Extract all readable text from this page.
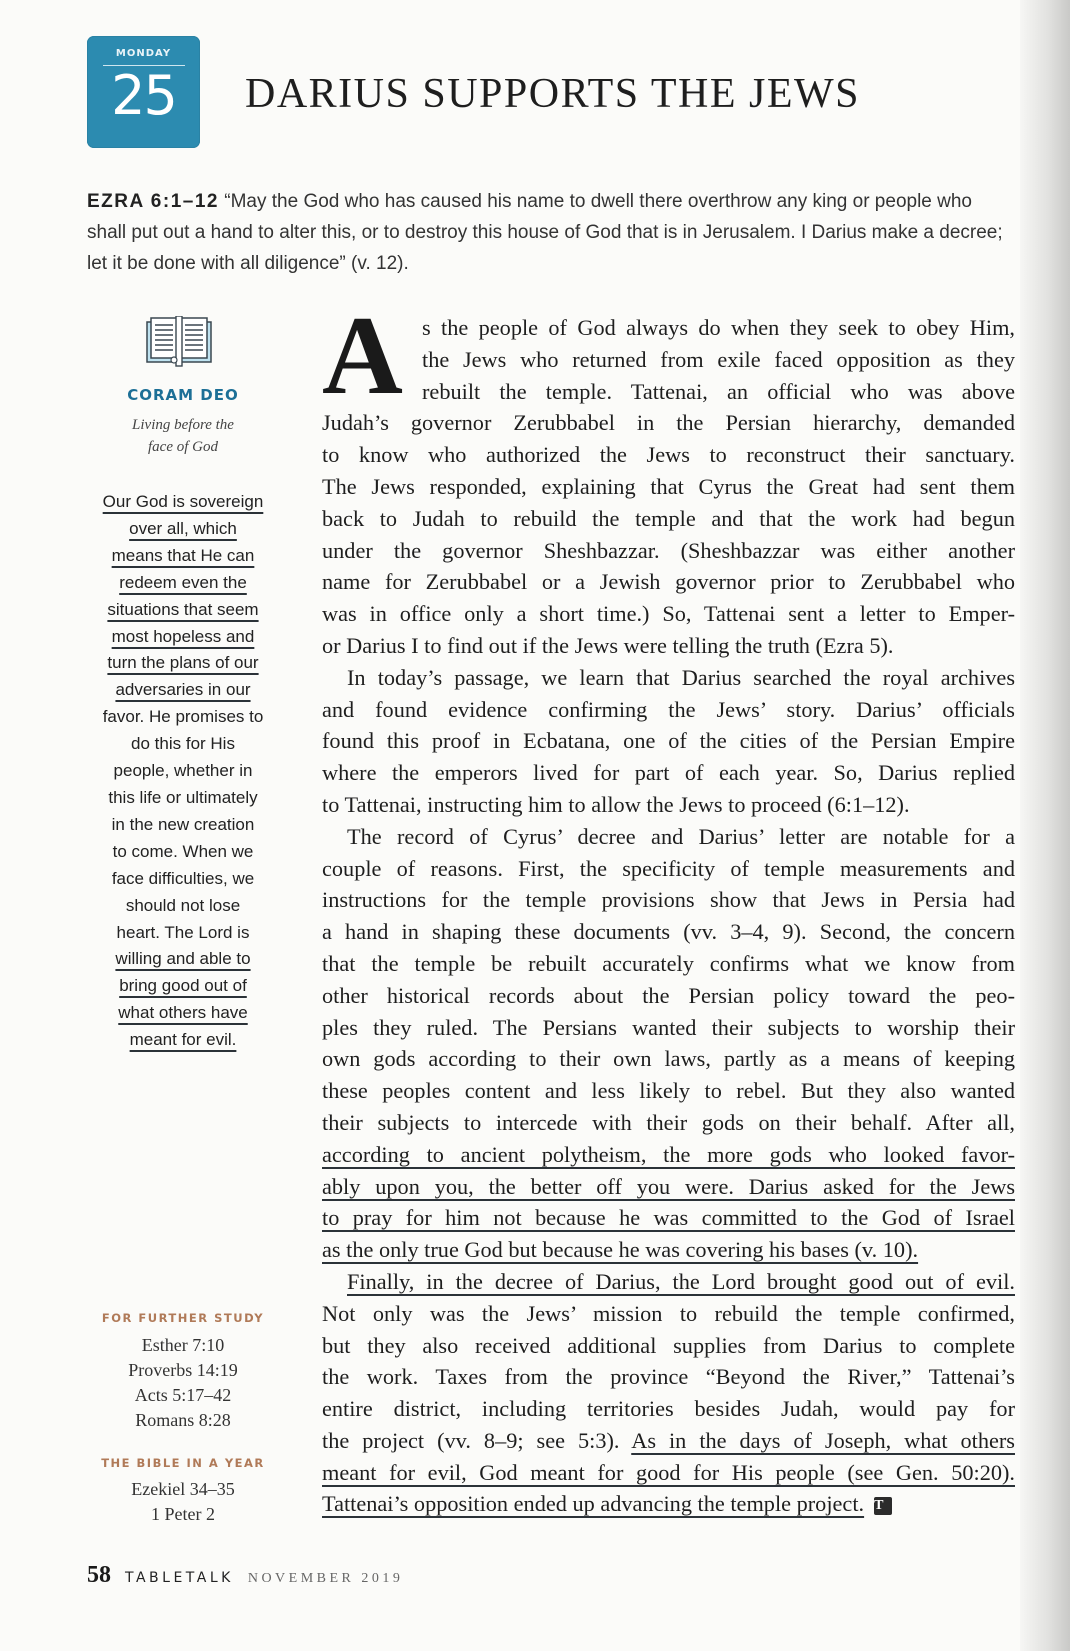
MONDAY
25	DARIUS SUPPORTS THE JEWS
EZRA 6:1–12 “May the God who has caused his name to dwell there overthrow any king or people who shall put out a hand to alter this, or to destroy this house of God that is in Jerusalem. I Darius make a decree; let it be done with all diligence” (v. 12).
CORAM DEO
Living before the
face of God
Our God is sovereign
over all, which
means that He can
redeem even the
situations that seem
most hopeless and
turn the plans of our
adversaries in our
favor. He promises to
do this for His
people, whether in
this life or ultimately
in the new creation
to come. When we
face difficulties, we
should not lose
heart. The Lord is
willing and able to
bring good out of
what others have
meant for evil.
FOR FURTHER STUDY
Esther 7:10
Proverbs 14:19
Acts 5:17–42
Romans 8:28
THE BIBLE IN A YEAR
Ezekiel 34–35
1 Peter 2
A s the people of God always do when they seek to obey Him,
the Jews who returned from exile faced opposition as they
rebuilt the temple. Tattenai, an official who was above
Judah’s governor Zerubbabel in the Persian hierarchy, demanded
to know who authorized the Jews to reconstruct their sanctuary.
The Jews responded, explaining that Cyrus the Great had sent them
back to Judah to rebuild the temple and that the work had begun
under the governor Sheshbazzar. (Sheshbazzar was either another
name for Zerubbabel or a Jewish governor prior to Zerubbabel who
was in office only a short time.) So, Tattenai sent a letter to Emper-
or Darius I to find out if the Jews were telling the truth (Ezra 5).
In today’s passage, we learn that Darius searched the royal archives
and found evidence confirming the Jews’ story. Darius’ officials
found this proof in Ecbatana, one of the cities of the Persian Empire
where the emperors lived for part of each year. So, Darius replied
to Tattenai, instructing him to allow the Jews to proceed (6:1–12).
The record of Cyrus’ decree and Darius’ letter are notable for a
couple of reasons. First, the specificity of temple measurements and
instructions for the temple provisions show that Jews in Persia had
a hand in shaping these documents (vv. 3–4, 9). Second, the concern
that the temple be rebuilt accurately confirms what we know from
other historical records about the Persian policy toward the peo-
ples they ruled. The Persians wanted their subjects to worship their
own gods according to their own laws, partly as a means of keeping
these peoples content and less likely to rebel. But they also wanted
their subjects to intercede with their gods on their behalf. After all,
according to ancient polytheism, the more gods who looked favor-
ably upon you, the better off you were. Darius asked for the Jews
to pray for him not because he was committed to the God of Israel
as the only true God but because he was covering his bases (v. 10).
Finally, in the decree of Darius, the Lord brought good out of evil.
Not only was the Jews’ mission to rebuild the temple confirmed,
but they also received additional supplies from Darius to complete
the work. Taxes from the province “Beyond the River,” Tattenai’s
entire district, including territories besides Judah, would pay for
the project (vv. 8–9; see 5:3). As in the days of Joseph, what others
meant for evil, God meant for good for His people (see Gen. 50:20).
Tattenai’s opposition ended up advancing the temple project. T
58 TABLETALK NOVEMBER 2019
